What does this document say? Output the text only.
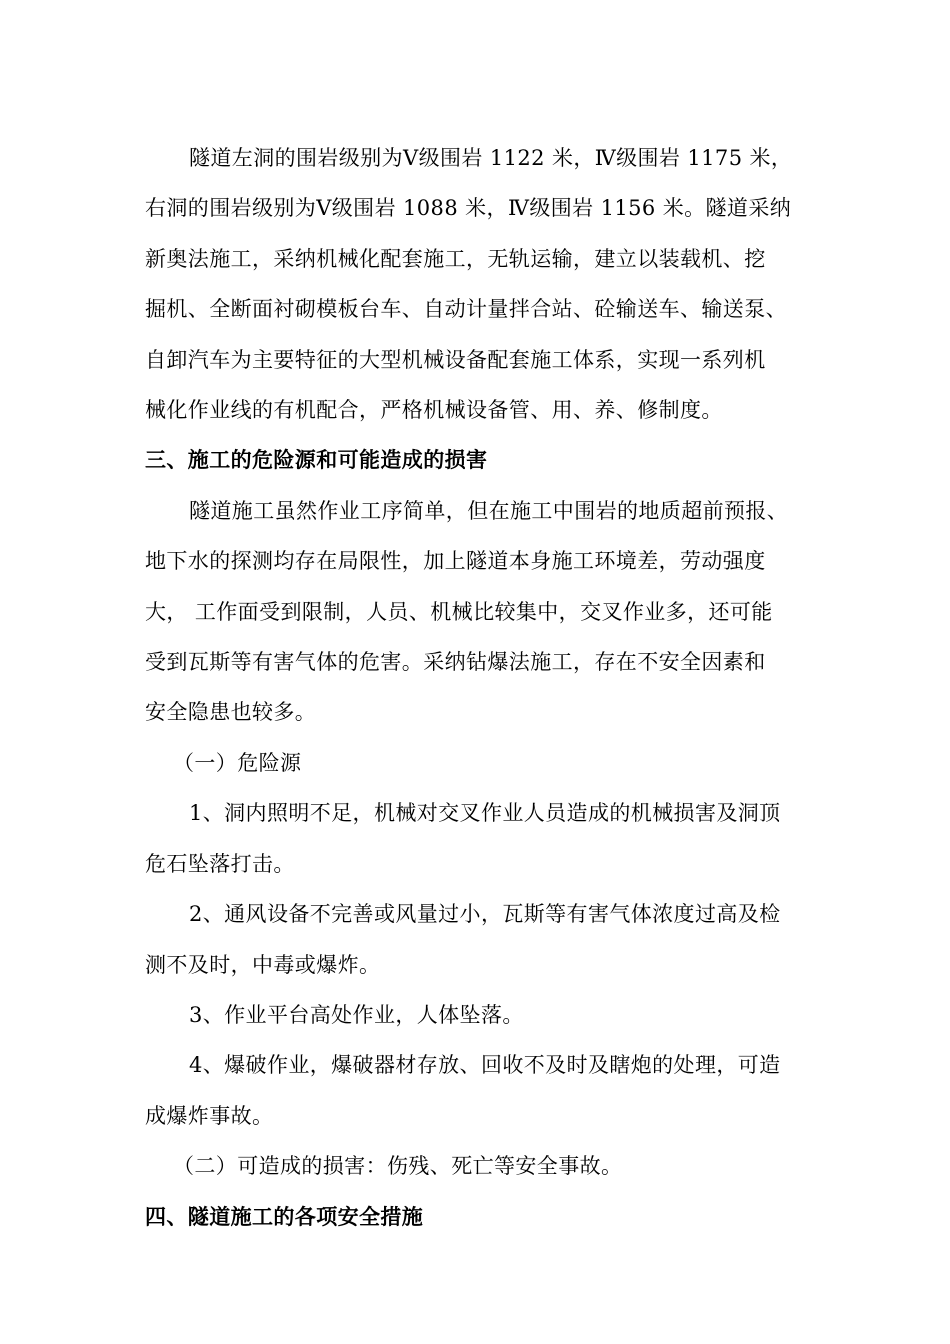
隧道左洞的围岩级别为Ⅴ级围岩 1122 米，Ⅳ级围岩 1175 米，

右洞的围岩级别为Ⅴ级围岩 1088 米，Ⅳ级围岩 1156 米。隧道采纳

新奥法施工，采纳机械化配套施工，无轨运输，建立以装载机、挖

掘机、全断面衬砌模板台车、自动计量拌合站、砼输送车、输送泵、

自卸汽车为主要特征的大型机械设备配套施工体系，实现一系列机

械化作业线的有机配合，严格机械设备管、用、养、修制度。

三、施工的危险源和可能造成的损害

隧道施工虽然作业工序简单，但在施工中围岩的地质超前预报、

地下水的探测均存在局限性，加上隧道本身施工环境差，劳动强度

大， 工作面受到限制，人员、机械比较集中，交叉作业多，还可能

受到瓦斯等有害气体的危害。采纳钻爆法施工，存在不安全因素和

安全隐患也较多。

（一）危险源

1、洞内照明不足，机械对交叉作业人员造成的机械损害及洞顶

危石坠落打击。

2、通风设备不完善或风量过小，瓦斯等有害气体浓度过高及检

测不及时，中毒或爆炸。

3、作业平台高处作业，人体坠落。

4、爆破作业，爆破器材存放、回收不及时及瞎炮的处理，可造

成爆炸事故。

（二）可造成的损害：伤残、死亡等安全事故。

四、隧道施工的各项安全措施
